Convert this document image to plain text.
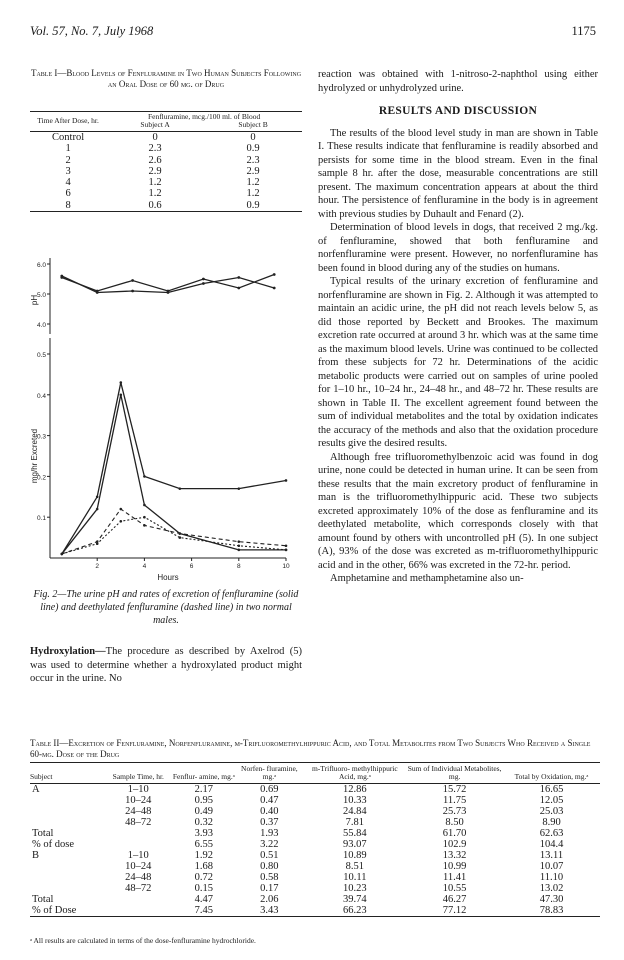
Vol. 57, No. 7, July 1968	1175
Table I—Blood Levels of Fenfluramine in Two Human Subjects Following an Oral Dose of 60 mg. of Drug
Time After Dose, hr.	Fenfluramine, mcg./100 ml. of Blood
Subject A Subject B	

Control	0	0
1	2.3	0.9
2	2.6	2.3
3	2.9	2.9
4	1.2	1.2
6	1.2	1.2
8	0.6	0.9
6.0
5.0
4.0
pH
0.5
0.4
0.3
0.2
0.1
2	4	6	8	10
Hours
mg/hr Excreted
Fig. 2—The urine pH and rates of excretion of fenfluramine (solid line) and deethylated fenfluramine (dashed line) in two normal males.
Hydroxylation—The procedure as described by Axelrod (5) was used to determine whether a hydroxylated product might occur in the urine. No

reaction was obtained with 1-nitroso-2-naphthol using either hydrolyzed or unhydrolyzed urine.

RESULTS AND DISCUSSION

The results of the blood level study in man are shown in Table I. These results indicate that fenfluramine is readily absorbed and persists for some time in the blood stream. Even in the final sample 8 hr. after the dose, measurable concentrations are still present. The maximum concentration appears at about the third hour. The persistence of fenfluramine in the body is in agreement with previous studies by Duhault and Fenard (2).

Determination of blood levels in dogs, that received 2 mg./kg. of fenfluramine, showed that both fenfluramine and norfenfluramine were present. However, no norfenfluramine has been found in blood during any of the studies on humans.

Typical results of the urinary excretion of fenfluramine and norfenfluramine are shown in Fig. 2. Although it was attempted to maintain an acidic urine, the pH did not reach levels below 5, as did those reported by Beckett and Brookes. The maximum excretion rate occurred at around 3 hr. which was at the same time as the maximum blood levels. Urine was continued to be collected from these subjects for 72 hr. Determinations of the acidic metabolic products were carried out on samples of urine pooled for 1–10 hr., 10–24 hr., 24–48 hr., and 48–72 hr. These results are shown in Table II. The excellent agreement found between the sum of individual metabolites and the total by oxidation indicates the accuracy of the methods and also that the oxidation procedure results give the desired results.

Although free trifluoromethylbenzoic acid was found in dog urine, none could be detected in human urine. It can be seen from these results that the main excretory product of fenfluramine in man is the trifluoromethylhippuric acid. These two subjects excreted approximately 10% of the dose as fenfluramine and its deethylated metabolite, which corresponds closely with that amount found by others with uncontrolled pH (5). In one subject (A), 93% of the dose was excreted as m-trifluoromethylhippuric acid and in the other, 66% was excreted in the 72-hr. period.

Amphetamine and methamphetamine also un-

Table II—Excretion of Fenfluramine, Norfenfluramine, m-Trifluoromethylhippuric Acid, and Total Metabolites from Two Subjects Who Received a Single 60-mg. Dose of the Drug
Subject	Sample Time, hr.	Fenflur- amine, mg.ᵃ	Norfen- fluramine, mg.ᵃ	m-Trifluoro- methylhippuric Acid, mg.ᵃ	Sum of Individual Metabolites, mg.	Total by Oxidation, mg.ᵃ
A	1–10	2.17	0.69	12.86	15.72	16.65
	10–24	0.95	0.47	10.33	11.75	12.05
	24–48	0.49	0.40	24.84	25.73	25.03
	48–72	0.32	0.37	7.81	8.50	8.90
Total		3.93	1.93	55.84	61.70	62.63
% of dose		6.55	3.22	93.07	102.9	104.4
B	1–10	1.92	0.51	10.89	13.32	13.11
	10–24	1.68	0.80	8.51	10.99	10.07
	24–48	0.72	0.58	10.11	11.41	11.10
	48–72	0.15	0.17	10.23	10.55	13.02
Total		4.47	2.06	39.74	46.27	47.30
% of Dose		7.45	3.43	66.23	77.12	78.83
ᵃ All results are calculated in terms of the dose-fenfluramine hydrochloride.
